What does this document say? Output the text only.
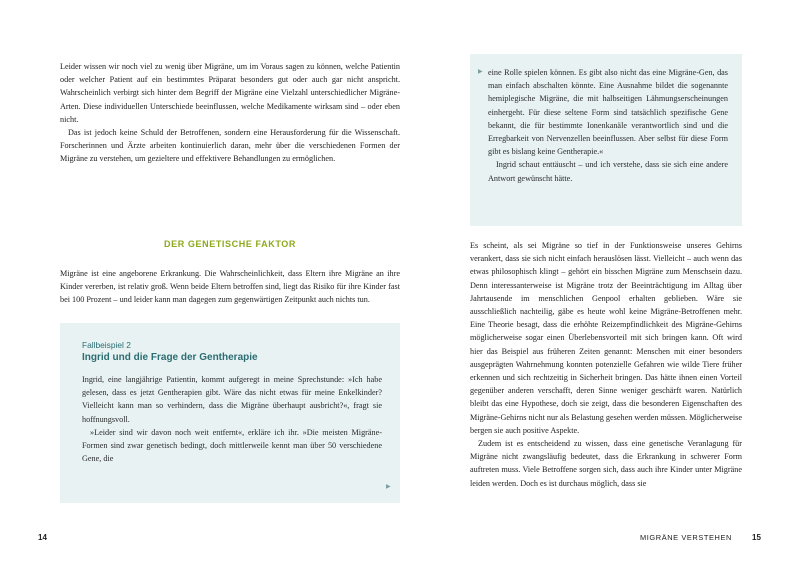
Leider wissen wir noch viel zu wenig über Migräne, um im Voraus sagen zu können, welche Patientin oder welcher Patient auf ein bestimmtes Präparat besonders gut oder auch gar nicht anspricht. Wahrscheinlich verbirgt sich hinter dem Begriff der Migräne eine Vielzahl unterschiedlicher Migräne-Arten. Diese individuellen Unterschiede beeinflussen, welche Medikamente wirksam sind – oder eben nicht.

Das ist jedoch keine Schuld der Betroffenen, sondern eine Herausforderung für die Wissenschaft. Forscherinnen und Ärzte arbeiten kontinuierlich daran, mehr über die verschiedenen Formen der Migräne zu verstehen, um gezieltere und effektivere Behandlungen zu ermöglichen.

DER GENETISCHE FAKTOR

Migräne ist eine angeborene Erkrankung. Die Wahrscheinlichkeit, dass Eltern ihre Migräne an ihre Kinder vererben, ist relativ groß. Wenn beide Eltern betroffen sind, liegt das Risiko für ihre Kinder fast bei 100 Prozent – und leider kann man dagegen zum gegenwärtigen Zeitpunkt auch nichts tun.

Fallbeispiel 2

Ingrid und die Frage der Gentherapie

Ingrid, eine langjährige Patientin, kommt aufgeregt in meine Sprechstunde: »Ich habe gelesen, dass es jetzt Gentherapien gibt. Wäre das nicht etwas für meine Enkelkinder? Vielleicht kann man so verhindern, dass die Migräne überhaupt ausbricht?«, fragt sie hoffnungsvoll.

»Leider sind wir davon noch weit entfernt«, erkläre ich ihr. »Die meisten Migräne-Formen sind zwar genetisch bedingt, doch mittlerweile kennt man über 50 verschiedene Gene, die

▶
14
▶ eine Rolle spielen können. Es gibt also nicht das eine Migräne-Gen, das man einfach abschalten könnte. Eine Ausnahme bildet die sogenannte hemiplegische Migräne, die mit halbseitigen Lähmungserscheinungen einhergeht. Für diese seltene Form sind tatsächlich spezifische Gene bekannt, die für bestimmte Ionenkanäle verantwortlich sind und die Erregbarkeit von Nervenzellen beeinflussen. Aber selbst für diese Form gibt es bislang keine Gentherapie.«

Ingrid schaut enttäuscht – und ich verstehe, dass sie sich eine andere Antwort gewünscht hätte.

Es scheint, als sei Migräne so tief in der Funktionsweise unseres Gehirns verankert, dass sie sich nicht einfach herauslösen lässt. Vielleicht – auch wenn das etwas philosophisch klingt – gehört ein bisschen Migräne zum Menschsein dazu. Denn interessanterweise ist Migräne trotz der Beeinträchtigung im Alltag über Jahrtausende im menschlichen Genpool erhalten geblieben. Wäre sie ausschließlich nachteilig, gäbe es heute wohl keine Migräne-Betroffenen mehr. Eine Theorie besagt, dass die erhöhte Reizempfindlichkeit des Migräne-Gehirns möglicherweise sogar einen Überlebensvorteil mit sich bringen kann. Oft wird hier das Beispiel aus früheren Zeiten genannt: Menschen mit einer besonders ausgeprägten Wahrnehmung konnten potenzielle Gefahren wie wilde Tiere früher erkennen und sich rechtzeitig in Sicherheit bringen. Das hätte ihnen einen Vorteil gegenüber anderen verschafft, deren Sinne weniger geschärft waren. Natürlich bleibt das eine Hypothese, doch sie zeigt, dass die besonderen Eigenschaften des Migräne-Gehirns nicht nur als Belastung gesehen werden müssen. Möglicherweise bergen sie auch positive Aspekte.

Zudem ist es entscheidend zu wissen, dass eine genetische Veranlagung für Migräne nicht zwangsläufig bedeutet, dass die Erkrankung in schwerer Form auftreten muss. Viele Betroffene sorgen sich, dass auch ihre Kinder unter Migräne leiden werden. Doch es ist durchaus möglich, dass sie

MIGRÄNE VERSTEHEN	15
